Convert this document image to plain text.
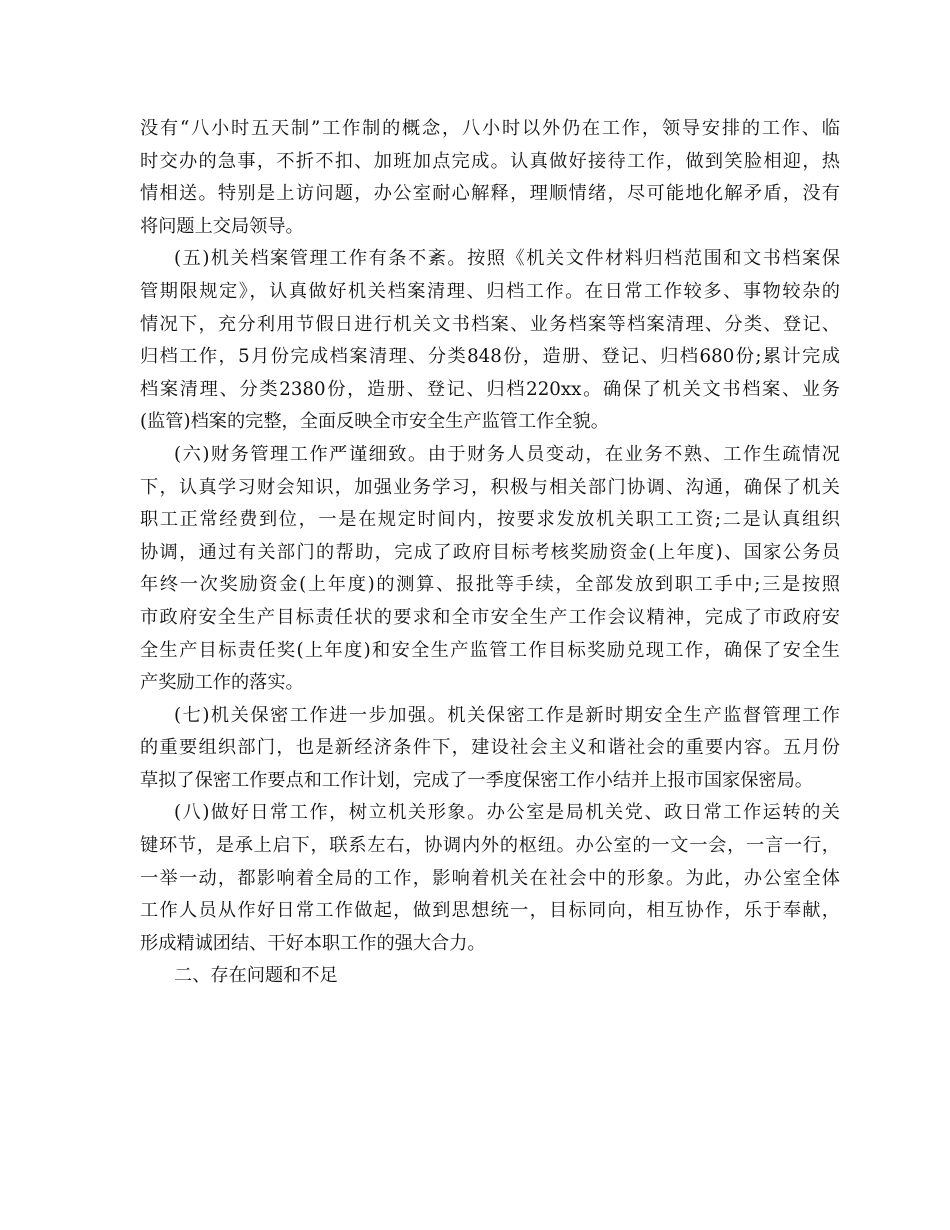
没有“八小时五天制”工作制的概念，八小时以外仍在工作，领导安排的工作、临
时交办的急事，不折不扣、加班加点完成。认真做好接待工作，做到笑脸相迎，热
情相送。特别是上访问题，办公室耐心解释，理顺情绪，尽可能地化解矛盾，没有
将问题上交局领导。
(五)机关档案管理工作有条不紊。按照《机关文件材料归档范围和文书档案保
管期限规定》，认真做好机关档案清理、归档工作。在日常工作较多、事物较杂的
情况下，充分利用节假日进行机关文书档案、业务档案等档案清理、分类、登记、
归档工作，5月份完成档案清理、分类848份，造册、登记、归档680份;累计完成
档案清理、分类2380份，造册、登记、归档220xx。确保了机关文书档案、业务
(监管)档案的完整，全面反映全市安全生产监管工作全貌。
(六)财务管理工作严谨细致。由于财务人员变动，在业务不熟、工作生疏情况
下，认真学习财会知识，加强业务学习，积极与相关部门协调、沟通，确保了机关
职工正常经费到位，一是在规定时间内，按要求发放机关职工工资;二是认真组织
协调，通过有关部门的帮助，完成了政府目标考核奖励资金(上年度)、国家公务员
年终一次奖励资金(上年度)的测算、报批等手续，全部发放到职工手中;三是按照
市政府安全生产目标责任状的要求和全市安全生产工作会议精神，完成了市政府安
全生产目标责任奖(上年度)和安全生产监管工作目标奖励兑现工作，确保了安全生
产奖励工作的落实。
(七)机关保密工作进一步加强。机关保密工作是新时期安全生产监督管理工作
的重要组织部门，也是新经济条件下，建设社会主义和谐社会的重要内容。五月份
草拟了保密工作要点和工作计划，完成了一季度保密工作小结并上报市国家保密局。
(八)做好日常工作，树立机关形象。办公室是局机关党、政日常工作运转的关
键环节，是承上启下，联系左右，协调内外的枢纽。办公室的一文一会，一言一行，
一举一动，都影响着全局的工作，影响着机关在社会中的形象。为此，办公室全体
工作人员从作好日常工作做起，做到思想统一，目标同向，相互协作，乐于奉献，
形成精诚团结、干好本职工作的强大合力。
二、存在问题和不足
